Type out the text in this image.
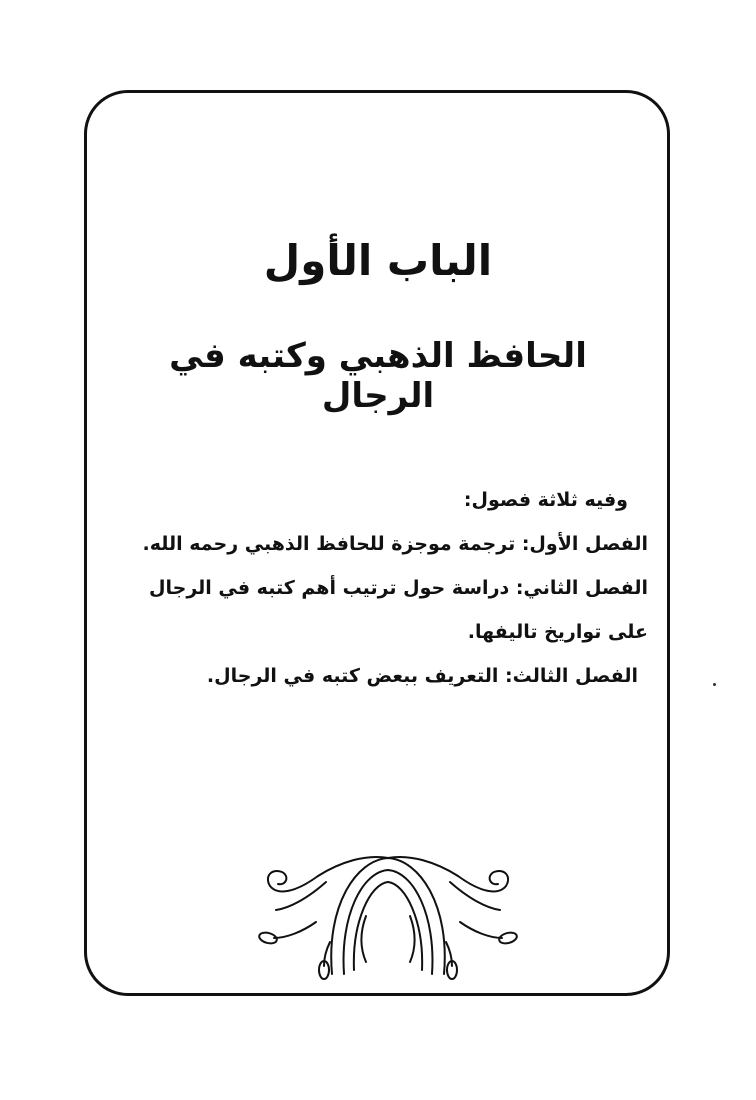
الباب الأول
الحافظ الذهبي وكتبه في الرجال

وفيه ثلاثة فصول:

الفصل الأول: ترجمة موجزة للحافظ الذهبي رحمه الله.

الفصل الثاني: دراسة حول ترتيب أهم كتبه في الرجال على تواريخ تاليفها.

الفصل الثالث: التعريف ببعض كتبه في الرجال.
